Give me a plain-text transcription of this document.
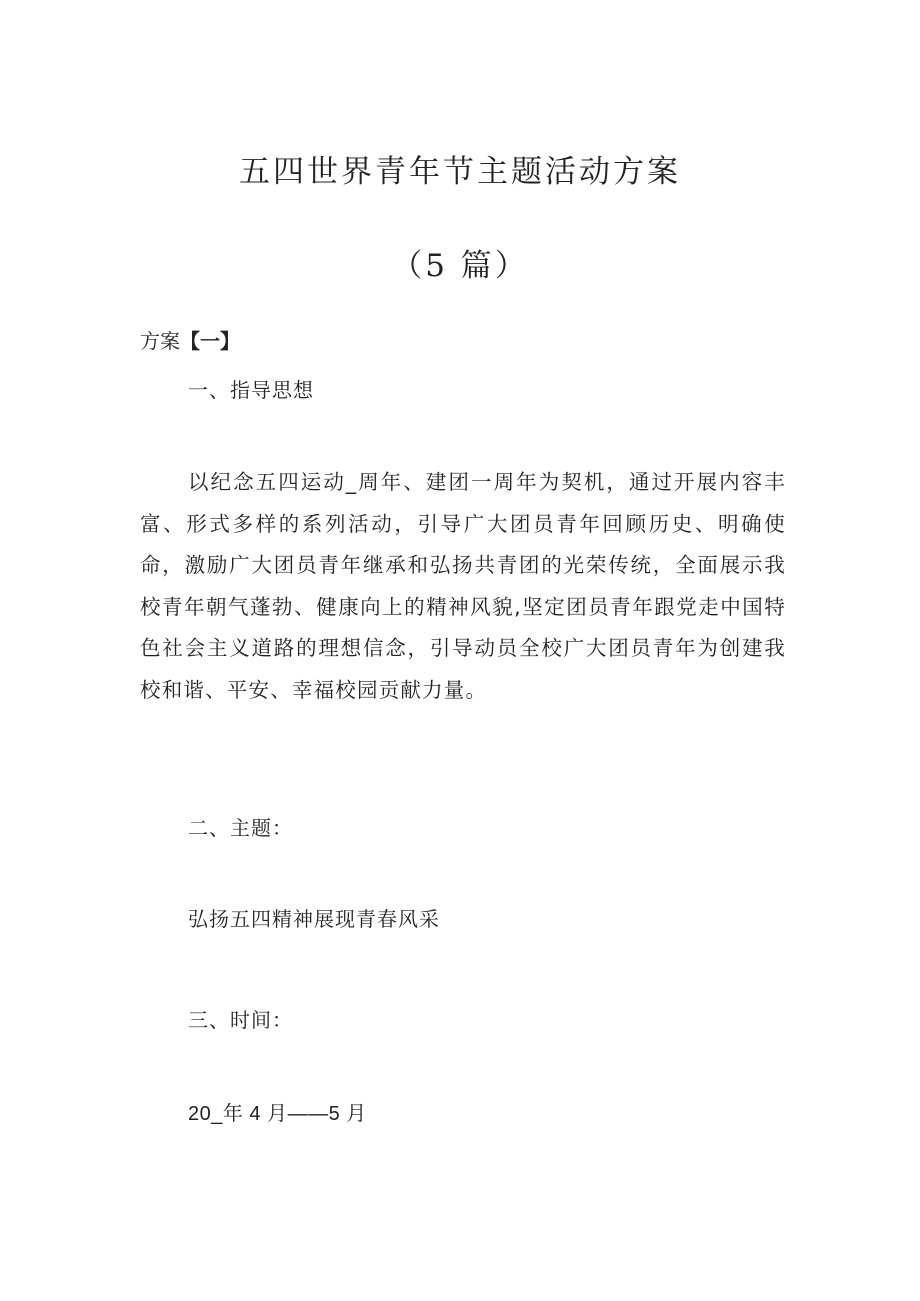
五四世界青年节主题活动方案
（5 篇）
方案【一】
一、指导思想

以纪念五四运动_周年、建团一周年为契机，通过开展内容丰富、形式多样的系列活动，引导广大团员青年回顾历史、明确使命，激励广大团员青年继承和弘扬共青团的光荣传统，全面展示我校青年朝气蓬勃、健康向上的精神风貌,坚定团员青年跟党走中国特色社会主义道路的理想信念，引导动员全校广大团员青年为创建我校和谐、平安、幸福校园贡献力量。

二、主题：
弘扬五四精神展现青春风采
三、时间：
20_年 4 月——5 月
